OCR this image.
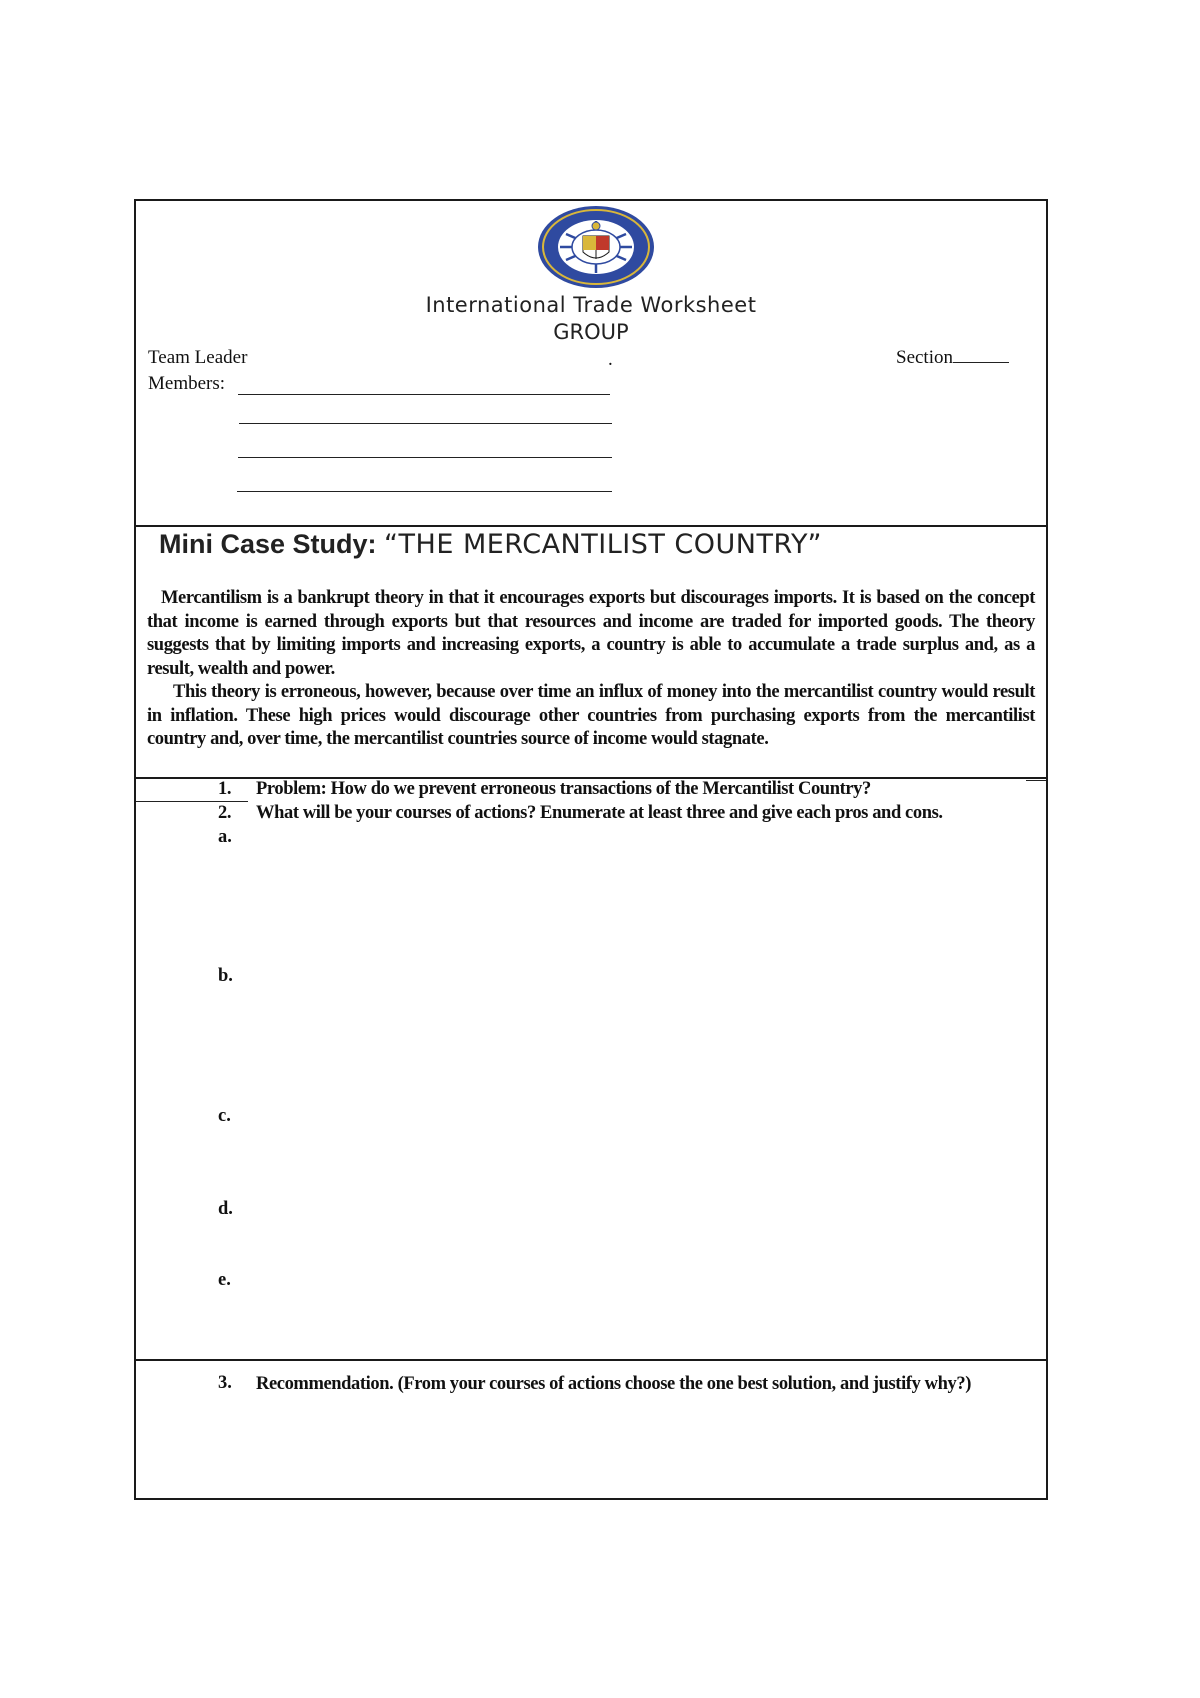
International Trade Worksheet
GROUP
Team Leader	.	Section
Members:
Mini Case Study: “THE MERCANTILIST COUNTRY”

Mercantilism is a bankrupt theory in that it encourages exports but discourages imports. It is based on the concept that income is earned through exports but that resources and income are traded for imported goods. The theory suggests that by limiting imports and increasing exports, a country is able to accumulate a trade surplus and, as a result, wealth and power.

This theory is erroneous, however, because over time an influx of money into the mercantilist country would result in inflation. These high prices would discourage other countries from purchasing exports from the mercantilist country and, over time, the mercantilist countries source of income would stagnate.

1.	Problem: How do we prevent erroneous transactions of the Mercantilist Country?
2.	What will be your courses of actions? Enumerate at least three and give each pros and cons.
a.
b.
c.
d.
e.
3. Recommendation. (From your courses of actions choose the one best solution, and justify why?)
